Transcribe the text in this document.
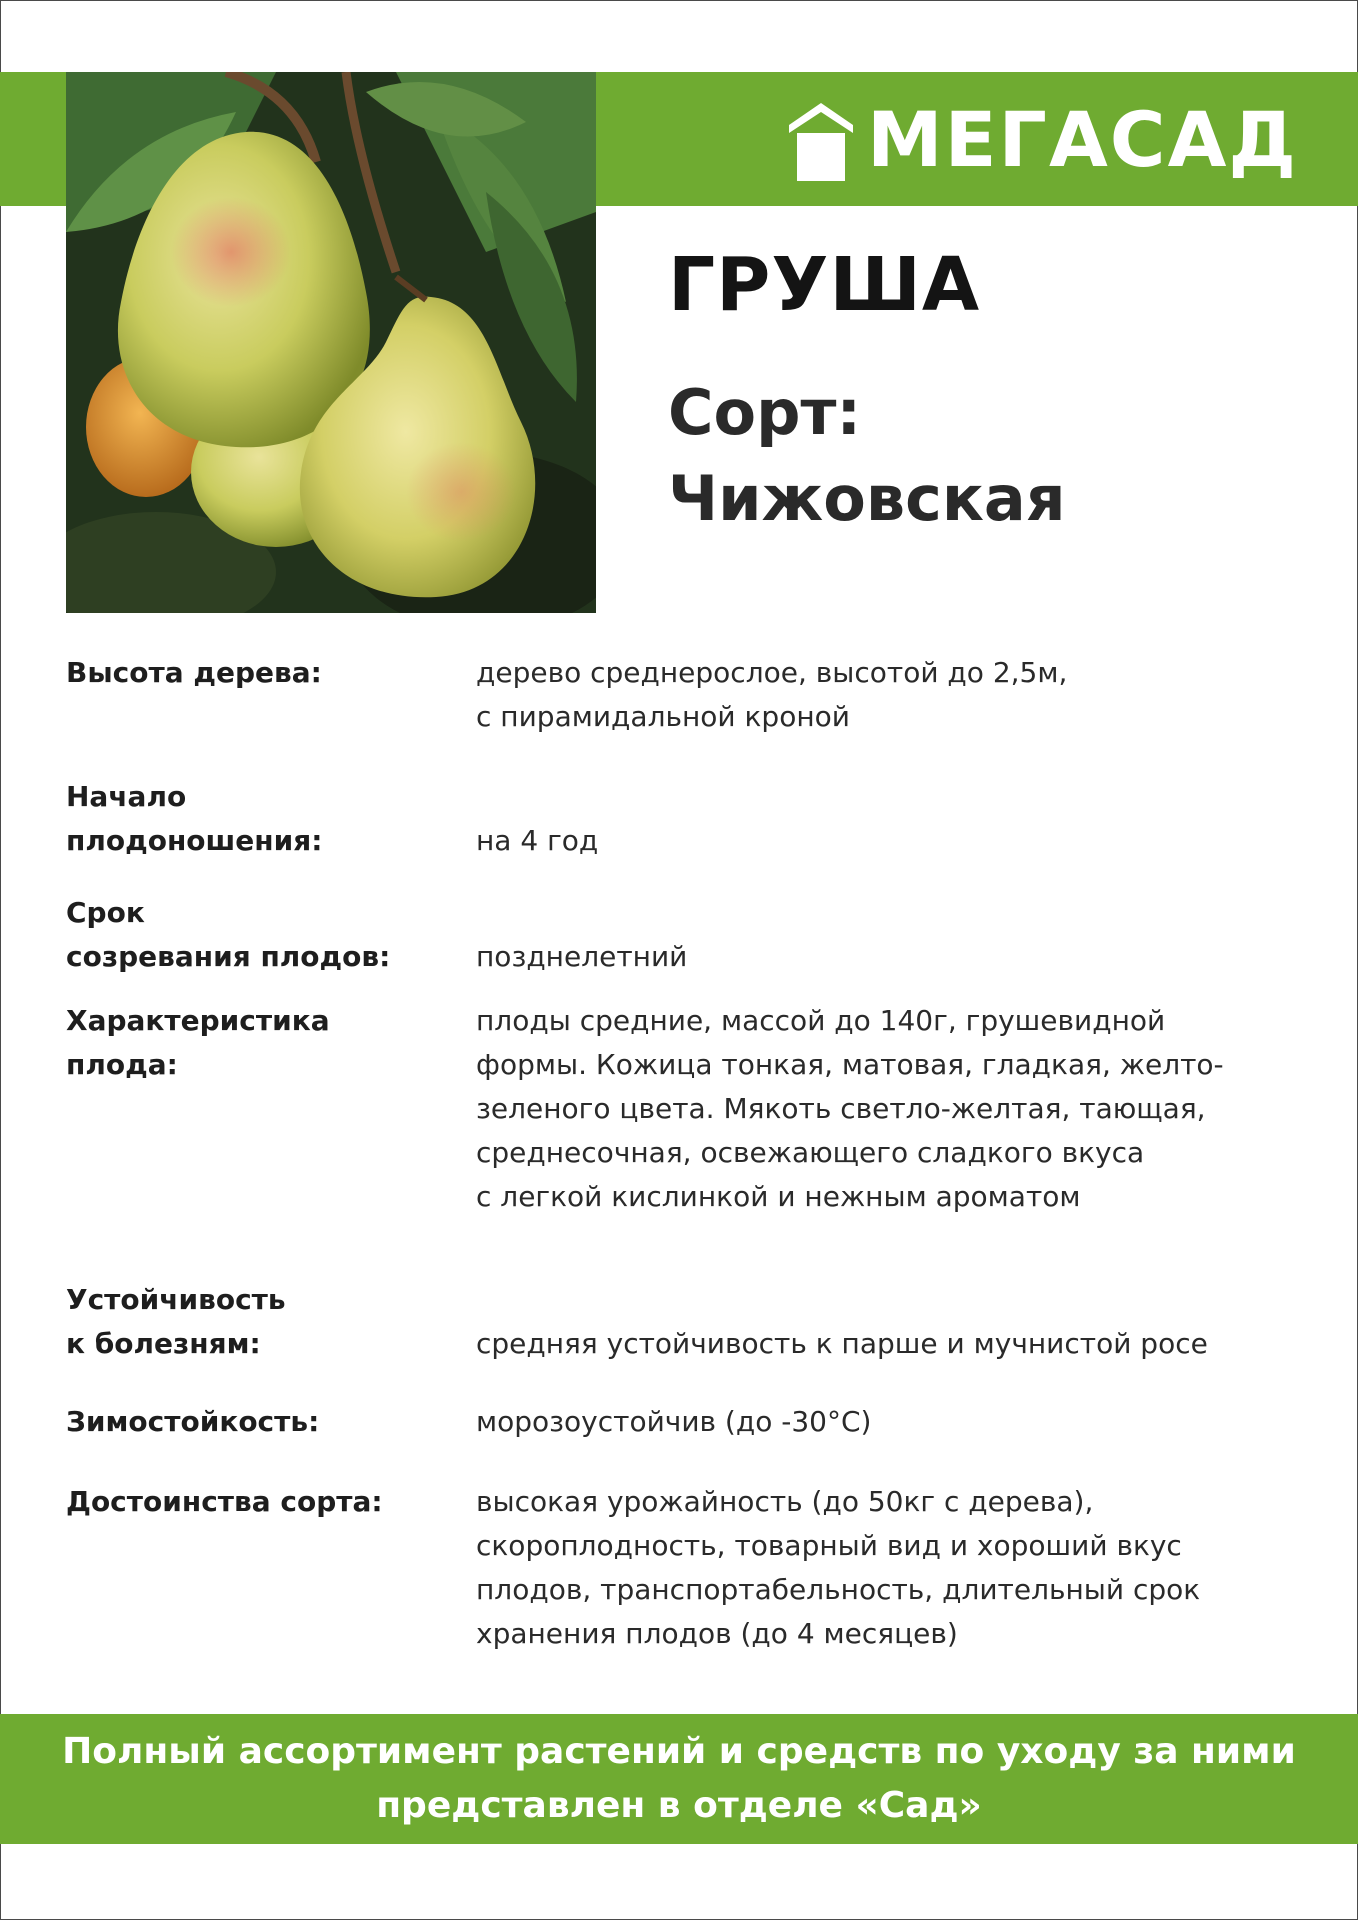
МЕГАСАД
ГРУША
Сорт:
Чижовская
Высота дерева:	дерево среднерослое, высотой до 2,5м,
с пирамидальной кроной
Начало
плодоношения:	на 4 год
Срок
созревания плодов:	позднелетний
Характеристика
плода:
плоды средние, массой до 140г, грушевидной
формы. Кожица тонкая, матовая, гладкая, желто-
зеленого цвета. Мякоть светло-желтая, тающая,
среднесочная, освежающего сладкого вкуса
с легкой кислинкой и нежным ароматом
Устойчивость
к болезням:	средняя устойчивость к парше и мучнистой росе
Зимостойкость:	морозоустойчив (до -30°С)
Достоинства сорта:	высокая урожайность (до 50кг с дерева),
скороплодность, товарный вид и хороший вкус
плодов, транспортабельность, длительный срок
хранения плодов (до 4 месяцев)
Полный ассортимент растений и средств по уходу за ними
представлен в отделе «Сад»
